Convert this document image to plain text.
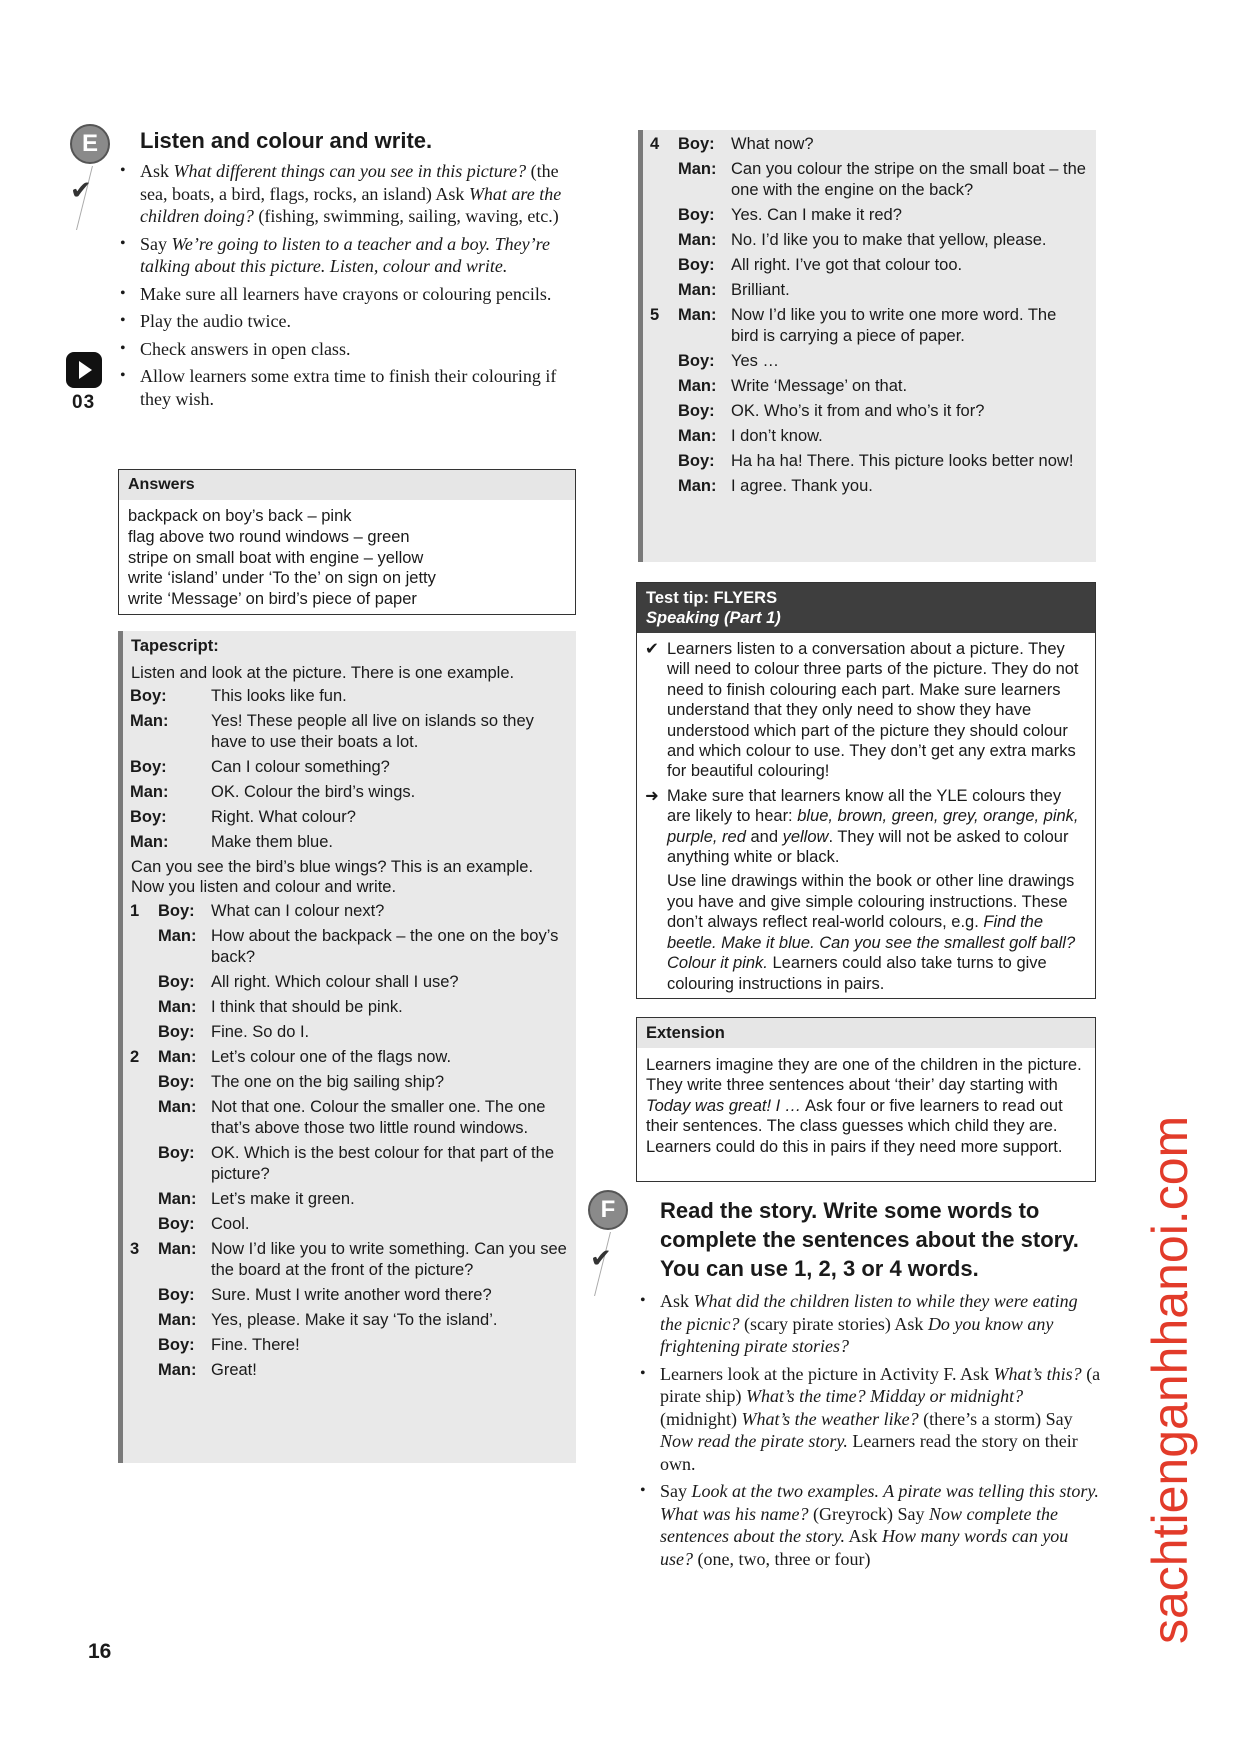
E
✔
Listen and colour and write.
• Ask What different things can you see in this picture? (the sea, boats, a bird, flags, rocks, an island) Ask What are the children doing? (fishing, swimming, sailing, waving, etc.)
• Say We’re going to listen to a teacher and a boy. They’re talking about this picture. Listen, colour and write.
• Make sure all learners have crayons or colouring pencils.
• Play the audio twice.
• Check answers in open class.
• Allow learners some extra time to finish their colouring if they wish.
03
Answers
backpack on boy’s back – pink
flag above two round windows – green
stripe on small boat with engine – yellow
write ‘island’ under ‘To the’ on sign on jetty
write ‘Message’ on bird’s piece of paper
Tapescript:
Listen and look at the picture. There is one example.
Boy:	This looks like fun.
Man:	Yes! These people all live on islands so they have to use their boats a lot.
Boy:	Can I colour something?
Man:	OK. Colour the bird’s wings.
Boy:	Right. What colour?
Man:	Make them blue.
Can you see the bird’s blue wings? This is an example. Now you listen and colour and write.
1 Boy: What can I colour next?
Man: How about the backpack – the one on the boy’s back?
Boy: All right. Which colour shall I use?
Man: I think that should be pink.
Boy: Fine. So do I.
2 Man: Let’s colour one of the flags now.
Boy: The one on the big sailing ship?
Man: Not that one. Colour the smaller one. The one that’s above those two little round windows.
Boy: OK. Which is the best colour for that part of the picture?
Man: Let’s make it green.
Boy: Cool.
3 Man: Now I’d like you to write something. Can you see the board at the front of the picture?
Boy: Sure. Must I write another word there?
Man: Yes, please. Make it say ‘To the island’.
Boy: Fine. There!
Man: Great!
4 Boy: What now?
Man: Can you colour the stripe on the small boat – the one with the engine on the back?
Boy: Yes. Can I make it red?
Man: No. I’d like you to make that yellow, please.
Boy: All right. I’ve got that colour too.
Man: Brilliant.
5 Man: Now I’d like you to write one more word. The bird is carrying a piece of paper.
Boy: Yes …
Man: Write ‘Message’ on that.
Boy: OK. Who’s it from and who’s it for?
Man: I don’t know.
Boy: Ha ha ha! There. This picture looks better now!
Man: I agree. Thank you.
Test tip: FLYERS
Speaking (Part 1)
✔ Learners listen to a conversation about a picture. They will need to colour three parts of the picture. They do not need to finish colouring each part. Make sure learners understand that they only need to show they have understood which part of the picture they should colour and which colour to use. They don’t get any extra marks for beautiful colouring!
➜ Make sure that learners know all the YLE colours they are likely to hear: blue, brown, green, grey, orange, pink, purple, red and yellow. They will not be asked to colour anything white or black.
Use line drawings within the book or other line drawings you have and give simple colouring instructions. These don’t always reflect real-world colours, e.g. Find the beetle. Make it blue. Can you see the smallest golf ball? Colour it pink. Learners could also take turns to give colouring instructions in pairs.
Extension
Learners imagine they are one of the children in the picture. They write three sentences about ‘their’ day starting with Today was great! I … Ask four or five learners to read out their sentences. The class guesses which child they are. Learners could do this in pairs if they need more support.
F
✔
Read the story. Write some words to complete the sentences about the story. You can use 1, 2, 3 or 4 words.
• Ask What did the children listen to while they were eating the picnic? (scary pirate stories) Ask Do you know any frightening pirate stories?
• Learners look at the picture in Activity F. Ask What’s this? (a pirate ship) What’s the time? Midday or midnight? (midnight) What’s the weather like? (there’s a storm) Say Now read the pirate story. Learners read the story on their own.
• Say Look at the two examples. A pirate was telling this story. What was his name? (Greyrock) Say Now complete the sentences about the story. Ask How many words can you use? (one, two, three or four)
16
sachtienganhhanoi.com
